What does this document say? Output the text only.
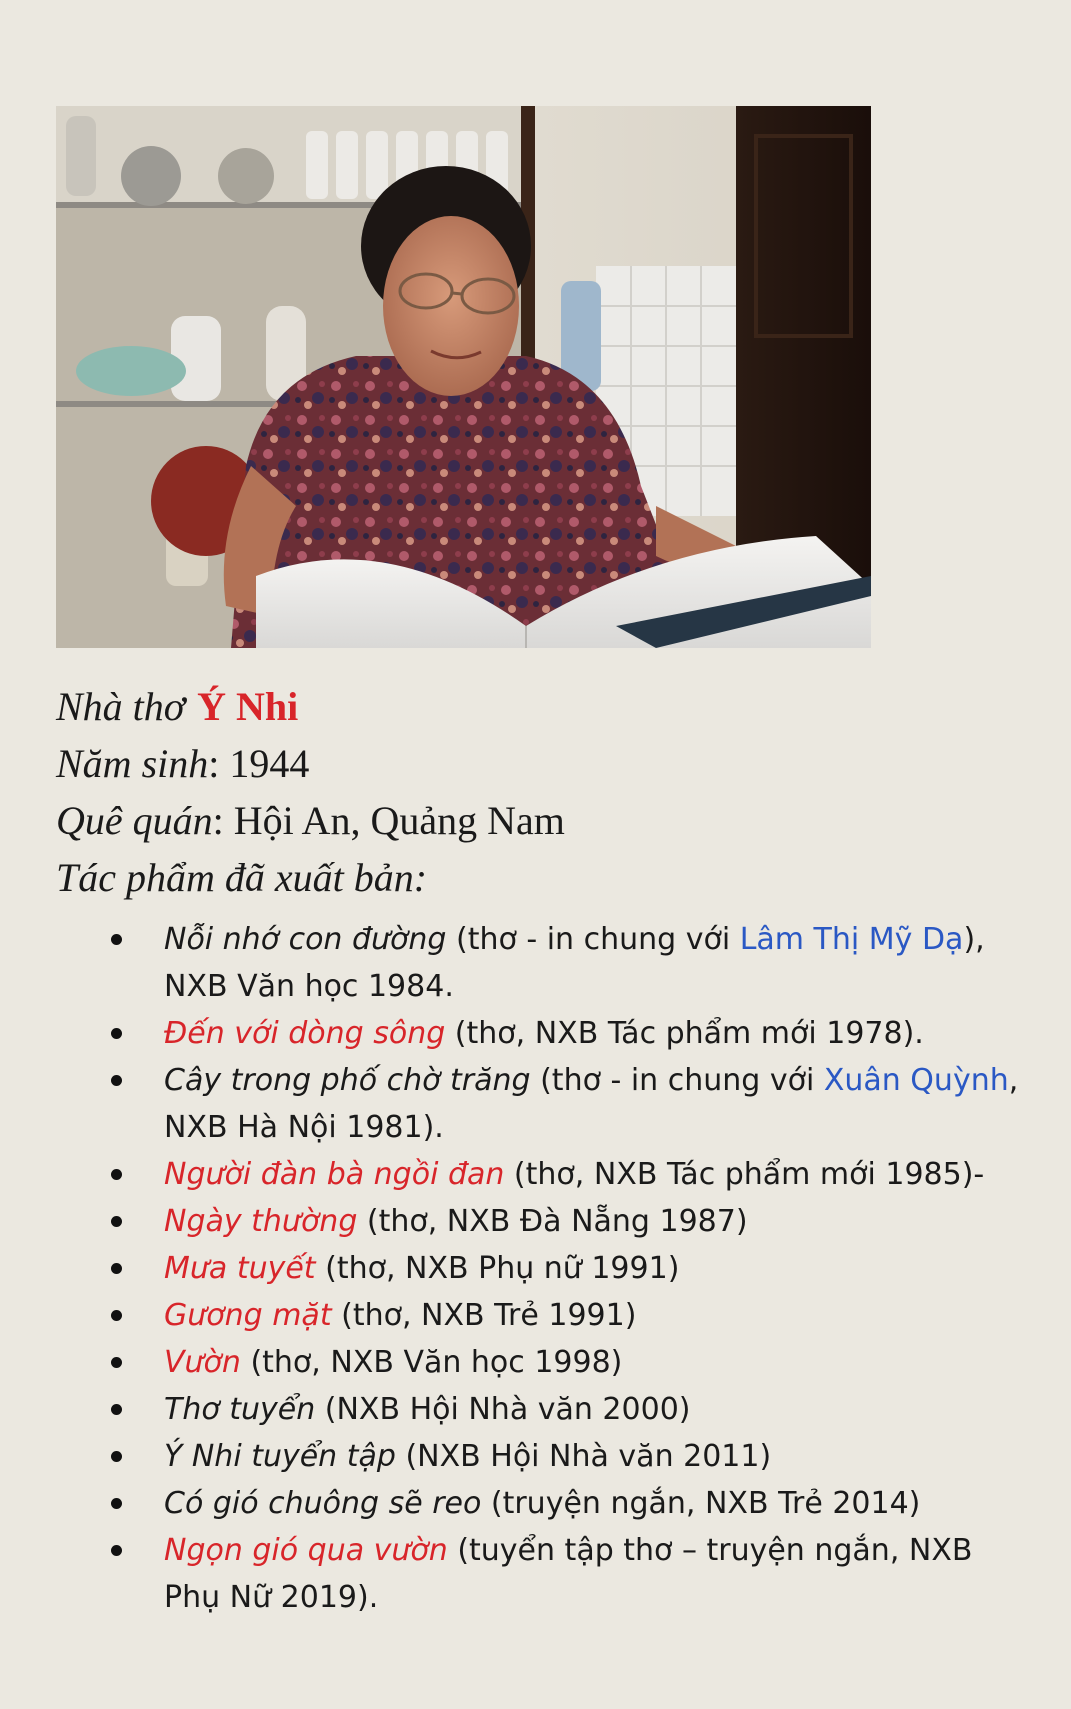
Nhà thơ Ý Nhi
Năm sinh: 1944
Quê quán: Hội An, Quảng Nam
Tác phẩm đã xuất bản:
Nỗi nhớ con đường (thơ - in chung với Lâm Thị Mỹ Dạ), NXB Văn học 1984.
Đến với dòng sông (thơ, NXB Tác phẩm mới 1978).
Cây trong phố chờ trăng (thơ - in chung với Xuân Quỳnh, NXB Hà Nội 1981).
Người đàn bà ngồi đan (thơ, NXB Tác phẩm mới 1985)-
Ngày thường (thơ, NXB Đà Nẵng 1987)
Mưa tuyết (thơ, NXB Phụ nữ 1991)
Gương mặt (thơ, NXB Trẻ 1991)
Vườn (thơ, NXB Văn học 1998)
Thơ tuyển (NXB Hội Nhà văn 2000)
Ý Nhi tuyển tập (NXB Hội Nhà văn 2011)
Có gió chuông sẽ reo (truyện ngắn, NXB Trẻ 2014)
Ngọn gió qua vườn (tuyển tập thơ – truyện ngắn, NXB Phụ Nữ 2019).
